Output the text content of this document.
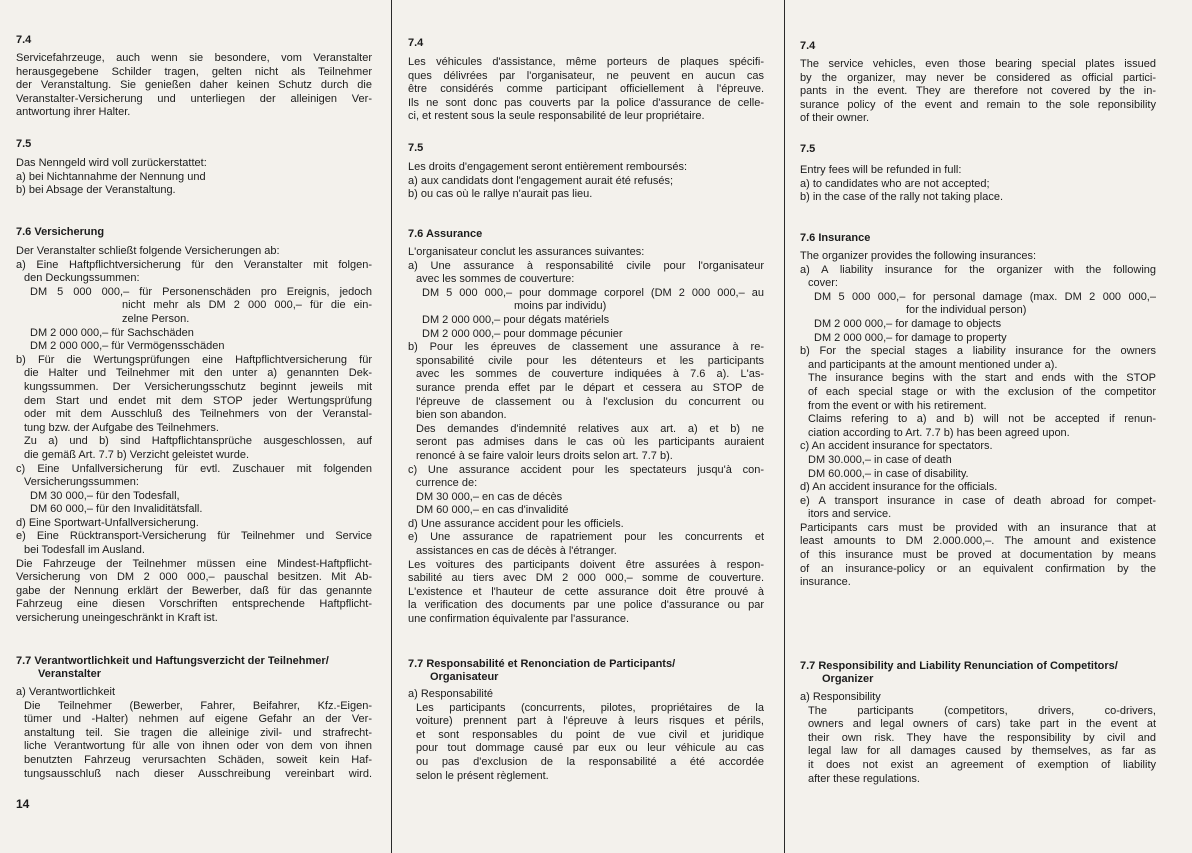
7.4
Servicefahrzeuge, auch wenn sie besondere, vom Veranstalter
herausgegebene Schilder tragen, gelten nicht als Teilnehmer
der Veranstaltung. Sie genießen daher keinen Schutz durch die
Veranstalter-Versicherung und unterliegen der alleinigen Ver-
antwortung ihrer Halter.
7.5
Das Nenngeld wird voll zurückerstattet:
a) bei Nichtannahme der Nennung und
b) bei Absage der Veranstaltung.
7.6 Versicherung
Der Veranstalter schließt folgende Versicherungen ab:
a) Eine Haftpflichtversicherung für den Veranstalter mit folgen-
den Deckungssummen:
DM 5 000 000,– für Personenschäden pro Ereignis, jedoch
nicht mehr als DM 2 000 000,– für die ein-
zelne Person.
DM 2 000 000,– für Sachschäden
DM 2 000 000,– für Vermögensschäden
b) Für die Wertungsprüfungen eine Haftpflichtversicherung für
die Halter und Teilnehmer mit den unter a) genannten Dek-
kungssummen. Der Versicherungsschutz beginnt jeweils mit
dem Start und endet mit dem STOP jeder Wertungsprüfung
oder mit dem Ausschluß des Teilnehmers von der Veranstal-
tung bzw. der Aufgabe des Teilnehmers.
Zu a) und b) sind Haftpflichtansprüche ausgeschlossen, auf
die gemäß Art. 7.7 b) Verzicht geleistet wurde.
c) Eine Unfallversicherung für evtl. Zuschauer mit folgenden
Versicherungssummen:
DM 30 000,– für den Todesfall,
DM 60 000,– für den Invaliditätsfall.
d) Eine Sportwart-Unfallversicherung.
e) Eine Rücktransport-Versicherung für Teilnehmer und Service
bei Todesfall im Ausland.
Die Fahrzeuge der Teilnehmer müssen eine Mindest-Haftpflicht-
Versicherung von DM 2 000 000,– pauschal besitzen. Mit Ab-
gabe der Nennung erklärt der Bewerber, daß für das genannte
Fahrzeug eine diesen Vorschriften entsprechende Haftpflicht-
versicherung uneingeschränkt in Kraft ist.
7.7 Verantwortlichkeit und Haftungsverzicht der Teilnehmer/
Veranstalter
a) Verantwortlichkeit
Die Teilnehmer (Bewerber, Fahrer, Beifahrer, Kfz.-Eigen-
tümer und -Halter) nehmen auf eigene Gefahr an der Ver-
anstaltung teil. Sie tragen die alleinige zivil- und strafrecht-
liche Verantwortung für alle von ihnen oder von dem von ihnen
benutzten Fahrzeug verursachten Schäden, soweit kein Haf-
tungsausschluß nach dieser Ausschreibung vereinbart wird.
14
7.4
Les véhicules d'assistance, même porteurs de plaques spécifi-
ques délivrées par l'organisateur, ne peuvent en aucun cas
être considérés comme participant officiellement à l'épreuve.
Ils ne sont donc pas couverts par la police d'assurance de celle-
ci, et restent sous la seule responsabilité de leur propriétaire.
7.5
Les droits d'engagement seront entièrement remboursés:
a) aux candidats dont l'engagement aurait été refusés;
b) ou cas où le rallye n'aurait pas lieu.
7.6 Assurance
L'organisateur conclut les assurances suivantes:
a) Une assurance à responsabilité civile pour l'organisateur
avec les sommes de couverture:
DM 5 000 000,– pour dommage corporel (DM 2 000 000,– au
moins par individu)
DM 2 000 000,– pour dégats matériels
DM 2 000 000,– pour dommage pécunier
b) Pour les épreuves de classement une assurance à re-
sponsabilité civile pour les détenteurs et les participants
avec les sommes de couverture indiquées à 7.6 a). L'as-
surance prenda effet par le départ et cessera au STOP de
l'épreuve de classement ou à l'exclusion du concurrent ou
bien son abandon.
Des demandes d'indemnité relatives aux art. a) et b) ne
seront pas admises dans le cas où les participants auraient
renoncé à se faire valoir leurs droits selon art. 7.7 b).
c) Une assurance accident pour les spectateurs jusqu'à con-
currence de:
DM 30 000,– en cas de décès
DM 60 000,– en cas d'invalidité
d) Une assurance accident pour les officiels.
e) Une assurance de rapatriement pour les concurrents et
assistances en cas de décès à l'étranger.
Les voitures des participants doivent être assurées à respon-
sabilité au tiers avec DM 2 000 000,– somme de couverture.
L'existence et l'hauteur de cette assurance doit être prouvé à
la verification des documents par une police d'assurance ou par
une confirmation équivalente par l'assurance.
7.7 Responsabilité et Renonciation de Participants/
Organisateur
a) Responsabilité
Les participants (concurrents, pilotes, propriétaires de la
voiture) prennent part à l'épreuve à leurs risques et périls,
et sont responsables du point de vue civil et juridique
pour tout dommage causé par eux ou leur véhicule au cas
ou pas d'exclusion de la responsabilité a été accordée
selon le présent règlement.
7.4
The service vehicles, even those bearing special plates issued
by the organizer, may never be considered as official partici-
pants in the event. They are therefore not covered by the in-
surance policy of the event and remain to the sole reponsibility
of their owner.
7.5
Entry fees will be refunded in full:
a) to candidates who are not accepted;
b) in the case of the rally not taking place.
7.6 Insurance
The organizer provides the following insurances:
a) A liability insurance for the organizer with the following
cover:
DM 5 000 000,– for personal damage (max. DM 2 000 000,–
for the individual person)
DM 2 000 000,– for damage to objects
DM 2 000 000,– for damage to property
b) For the special stages a liability insurance for the owners
and participants at the amount mentioned under a).
The insurance begins with the start and ends with the STOP
of each special stage or with the exclusion of the competitor
from the event or with his retirement.
Claims refering to a) and b) will not be accepted if renun-
ciation according to Art. 7.7 b) has been agreed upon.
c) An accident insurance for spectators.
DM 30.000,– in case of death
DM 60.000,– in case of disability.
d) An accident insurance for the officials.
e) A transport insurance in case of death abroad for compet-
itors and service.
Participants cars must be provided with an insurance that at
least amounts to DM 2.000.000,–. The amount and existence
of this insurance must be proved at documentation by means
of an insurance-policy or an equivalent confirmation by the
insurance.
7.7 Responsibility and Liability Renunciation of Competitors/
Organizer
a) Responsibility
The participants (competitors, drivers, co-drivers,
owners and legal owners of cars) take part in the event at
their own risk. They have the responsibility by civil and
legal law for all damages caused by themselves, as far as
it does not exist an agreement of exemption of liability
after these regulations.
